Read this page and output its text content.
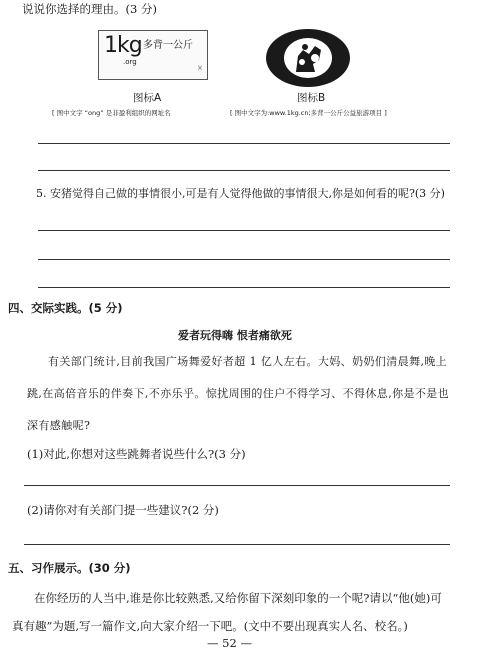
说说你选择的理由。(3 分)
1kg
.org
多背一公斤
×
图标A
[ 图中文字 “ong” 是非盈利组织的网址名
图标B
[ 图中文字为:www.1kg.cn;多背一公斤公益旅游项目 ]
5. 安猪觉得自己做的事情很小,可是有人觉得他做的事情很大,你是如何看的呢?(3 分)
四、交际实践。(5 分)
爱者玩得嗨 恨者痛欲死
有关部门统计,目前我国广场舞爱好者超 1 亿人左右。大妈、奶奶们清晨舞,晚上
跳,在高倍音乐的伴奏下,不亦乐乎。惊扰周围的住户不得学习、不得休息,你是不是也
深有感触呢?
(1)对此,你想对这些跳舞者说些什么?(3 分)
(2)请你对有关部门提一些建议?(2 分)
五、习作展示。(30 分)
在你经历的人当中,谁是你比较熟悉,又给你留下深刻印象的一个呢?请以“他(她)可
真有趣”为题,写一篇作文,向大家介绍一下吧。(文中不要出现真实人名、校名。)
— 52 —
